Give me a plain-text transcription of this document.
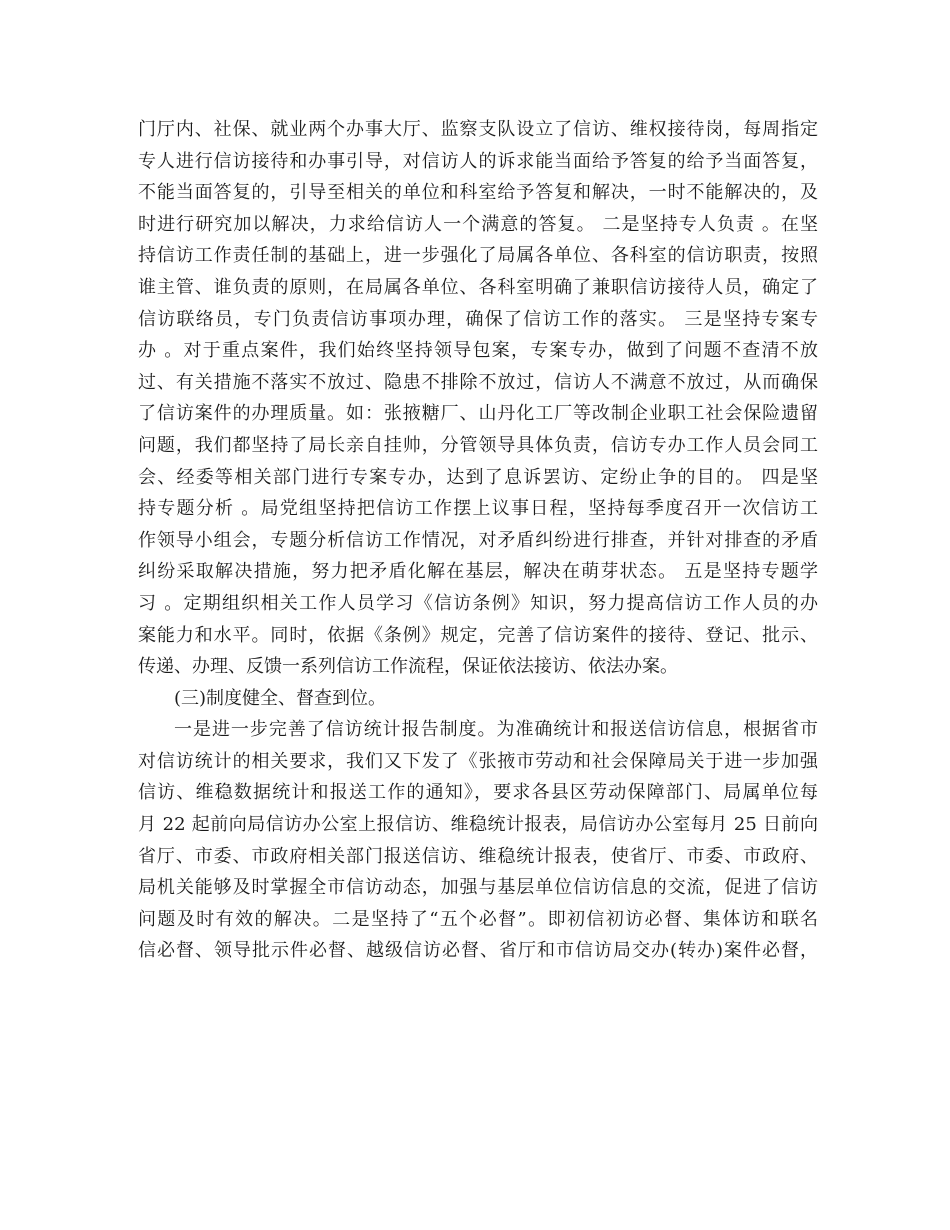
门厅内、社保、就业两个办事大厅、监察支队设立了信访、维权接待岗，每周指定
专人进行信访接待和办事引导，对信访人的诉求能当面给予答复的给予当面答复，
不能当面答复的，引导至相关的单位和科室给予答复和解决，一时不能解决的，及
时进行研究加以解决，力求给信访人一个满意的答复。 二是坚持专人负责 。在坚
持信访工作责任制的基础上，进一步强化了局属各单位、各科室的信访职责，按照
谁主管、谁负责的原则，在局属各单位、各科室明确了兼职信访接待人员，确定了
信访联络员，专门负责信访事项办理，确保了信访工作的落实。 三是坚持专案专
办 。对于重点案件，我们始终坚持领导包案，专案专办，做到了问题不查清不放
过、有关措施不落实不放过、隐患不排除不放过，信访人不满意不放过，从而确保
了信访案件的办理质量。如：张掖糖厂、山丹化工厂等改制企业职工社会保险遗留
问题，我们都坚持了局长亲自挂帅，分管领导具体负责，信访专办工作人员会同工
会、经委等相关部门进行专案专办，达到了息诉罢访、定纷止争的目的。 四是坚
持专题分析 。局党组坚持把信访工作摆上议事日程，坚持每季度召开一次信访工
作领导小组会，专题分析信访工作情况，对矛盾纠纷进行排查，并针对排查的矛盾
纠纷采取解决措施，努力把矛盾化解在基层，解决在萌芽状态。 五是坚持专题学
习 。定期组织相关工作人员学习《信访条例》知识，努力提高信访工作人员的办
案能力和水平。同时，依据《条例》规定，完善了信访案件的接待、登记、批示、
传递、办理、反馈一系列信访工作流程，保证依法接访、依法办案。
(三)制度健全、督查到位。
一是进一步完善了信访统计报告制度。为准确统计和报送信访信息，根据省市
对信访统计的相关要求，我们又下发了《张掖市劳动和社会保障局关于进一步加强
信访、维稳数据统计和报送工作的通知》，要求各县区劳动保障部门、局属单位每
月 22 起前向局信访办公室上报信访、维稳统计报表，局信访办公室每月 25 日前向
省厅、市委、市政府相关部门报送信访、维稳统计报表，使省厅、市委、市政府、
局机关能够及时掌握全市信访动态，加强与基层单位信访信息的交流，促进了信访
问题及时有效的解决。二是坚持了“五个必督”。即初信初访必督、集体访和联名
信必督、领导批示件必督、越级信访必督、省厅和市信访局交办(转办)案件必督，
